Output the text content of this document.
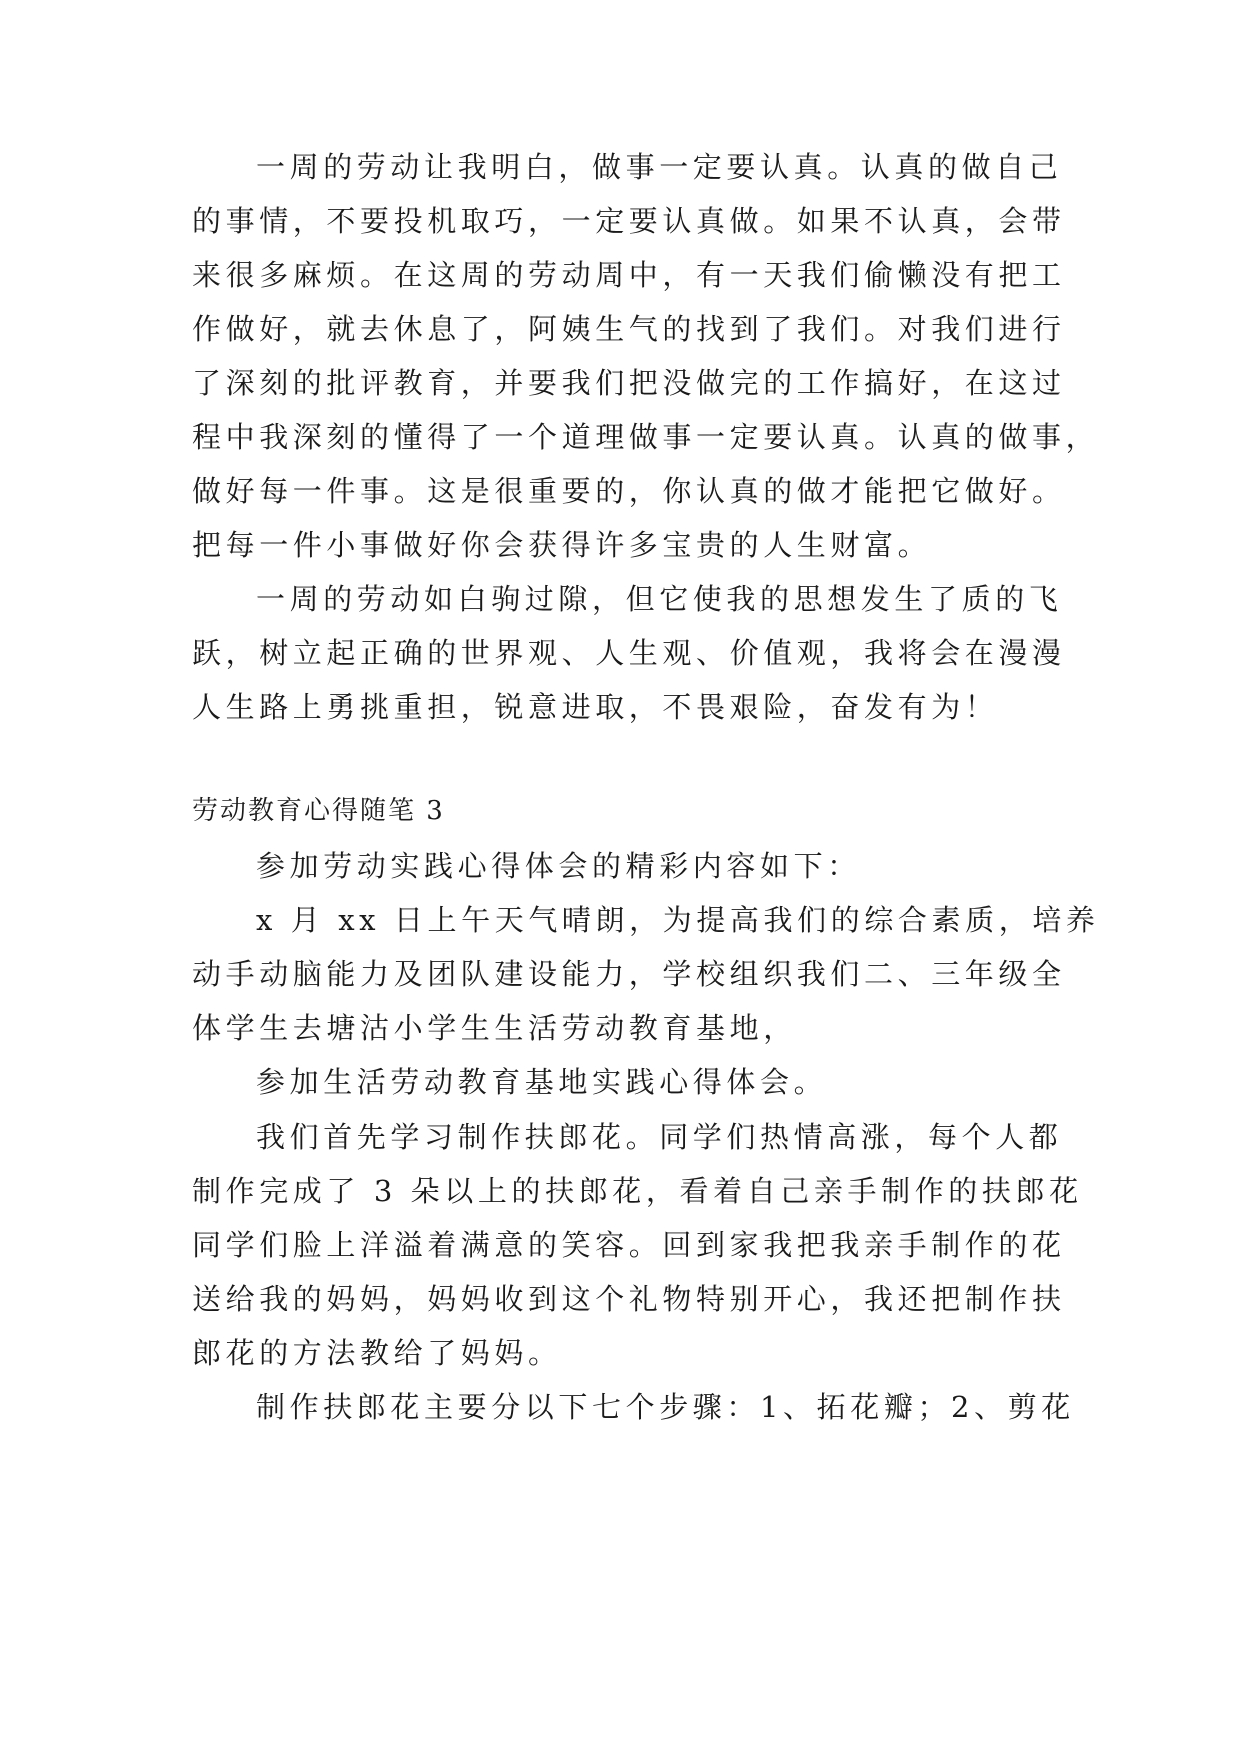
一周的劳动让我明白，做事一定要认真。认真的做自己
的事情，不要投机取巧，一定要认真做。如果不认真，会带
来很多麻烦。在这周的劳动周中，有一天我们偷懒没有把工
作做好，就去休息了，阿姨生气的找到了我们。对我们进行
了深刻的批评教育，并要我们把没做完的工作搞好，在这过
程中我深刻的懂得了一个道理做事一定要认真。认真的做事，
做好每一件事。这是很重要的，你认真的做才能把它做好。
把每一件小事做好你会获得许多宝贵的人生财富。
一周的劳动如白驹过隙，但它使我的思想发生了质的飞
跃，树立起正确的世界观、人生观、价值观，我将会在漫漫
人生路上勇挑重担，锐意进取，不畏艰险，奋发有为！
劳动教育心得随笔 3
参加劳动实践心得体会的精彩内容如下：
x 月 xx 日上午天气晴朗，为提高我们的综合素质，培养
动手动脑能力及团队建设能力，学校组织我们二、三年级全
体学生去塘沽小学生生活劳动教育基地，
参加生活劳动教育基地实践心得体会。
我们首先学习制作扶郎花。同学们热情高涨，每个人都
制作完成了 3 朵以上的扶郎花，看着自己亲手制作的扶郎花
同学们脸上洋溢着满意的笑容。回到家我把我亲手制作的花
送给我的妈妈，妈妈收到这个礼物特别开心，我还把制作扶
郎花的方法教给了妈妈。
制作扶郎花主要分以下七个步骤：1、拓花瓣；2、剪花
